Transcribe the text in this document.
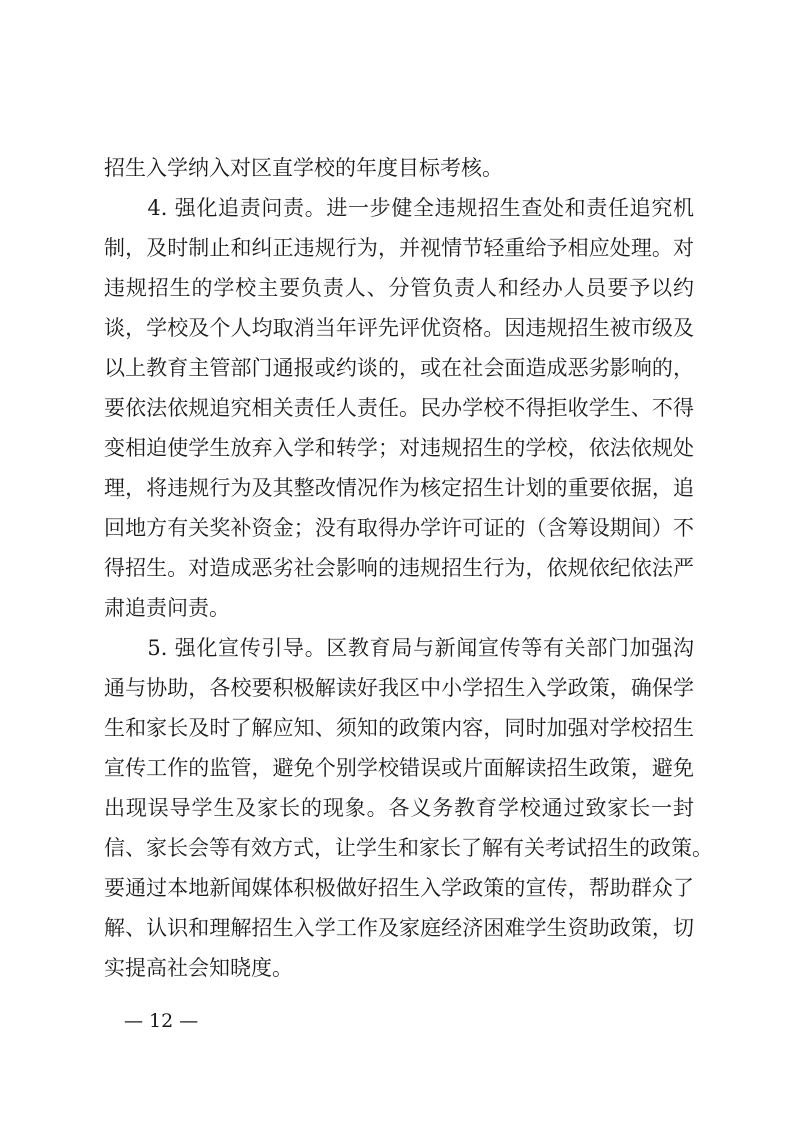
招生入学纳入对区直学校的年度目标考核。
　　4. 强化追责问责。进一步健全违规招生查处和责任追究机
制，及时制止和纠正违规行为，并视情节轻重给予相应处理。对
违规招生的学校主要负责人、分管负责人和经办人员要予以约
谈，学校及个人均取消当年评先评优资格。因违规招生被市级及
以上教育主管部门通报或约谈的，或在社会面造成恶劣影响的，
要依法依规追究相关责任人责任。民办学校不得拒收学生、不得
变相迫使学生放弃入学和转学；对违规招生的学校，依法依规处
理，将违规行为及其整改情况作为核定招生计划的重要依据，追
回地方有关奖补资金；没有取得办学许可证的（含筹设期间）不
得招生。对造成恶劣社会影响的违规招生行为，依规依纪依法严
肃追责问责。
　　5. 强化宣传引导。区教育局与新闻宣传等有关部门加强沟
通与协助，各校要积极解读好我区中小学招生入学政策，确保学
生和家长及时了解应知、须知的政策内容，同时加强对学校招生
宣传工作的监管，避免个别学校错误或片面解读招生政策，避免
出现误导学生及家长的现象。各义务教育学校通过致家长一封
信、家长会等有效方式，让学生和家长了解有关考试招生的政策。
要通过本地新闻媒体积极做好招生入学政策的宣传，帮助群众了
解、认识和理解招生入学工作及家庭经济困难学生资助政策，切
实提高社会知晓度。
— 12 —
